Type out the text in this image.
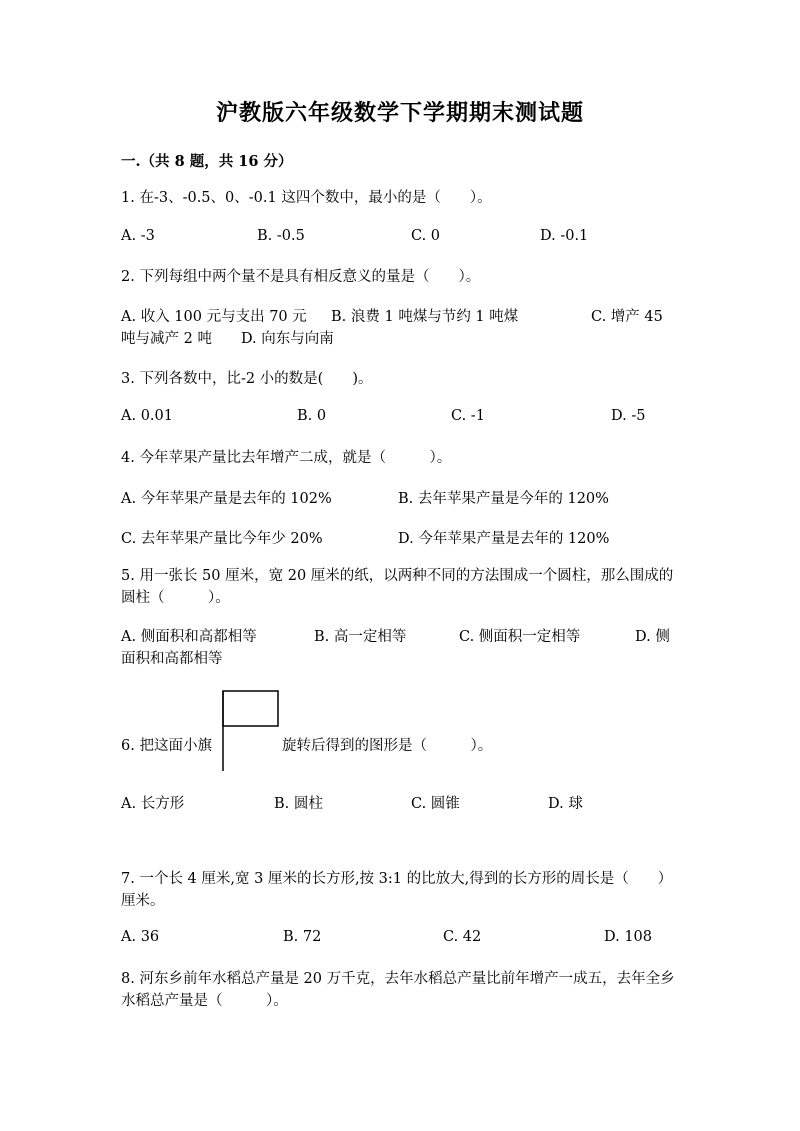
沪教版六年级数学下学期期末测试题
一.（共 8 题，共 16 分）
1. 在-3、-0.5、0、-0.1 这四个数中，最小的是（　　）。
A. -3	B. -0.5	C. 0	D. -0.1
2. 下列每组中两个量不是具有相反意义的量是（　　）。
A. 收入 100 元与支出 70 元 B. 浪费 1 吨煤与节约 1 吨煤	C. 增产 45 吨与减产 2 吨　　 D. 向东与向南
3. 下列各数中，比-2 小的数是(　　)。
A. 0.01	B. 0	C. -1	D. -5
4. 今年苹果产量比去年增产二成，就是（　　　）。
A. 今年苹果产量是去年的 102%	B. 去年苹果产量是今年的 120%
C. 去年苹果产量比今年少 20%	D. 今年苹果产量是去年的 120%
5. 用一张长 50 厘米，宽 20 厘米的纸，以两种不同的方法围成一个圆柱，那么围成的圆柱（　　　）。
A. 侧面积和高都相等	B. 高一定相等	C. 侧面积一定相等	D. 侧面积和高都相等
6. 把这面小旗	旋转后得到的图形是（　　　）。
A. 长方形	B. 圆柱	C. 圆锥	D. 球
7. 一个长 4 厘米,宽 3 厘米的长方形,按 3:1 的比放大,得到的长方形的周长是（　　）厘米。
A. 36	B. 72	C. 42	D. 108
8. 河东乡前年水稻总产量是 20 万千克，去年水稻总产量比前年增产一成五，去年全乡水稻总产量是（　　　）。
